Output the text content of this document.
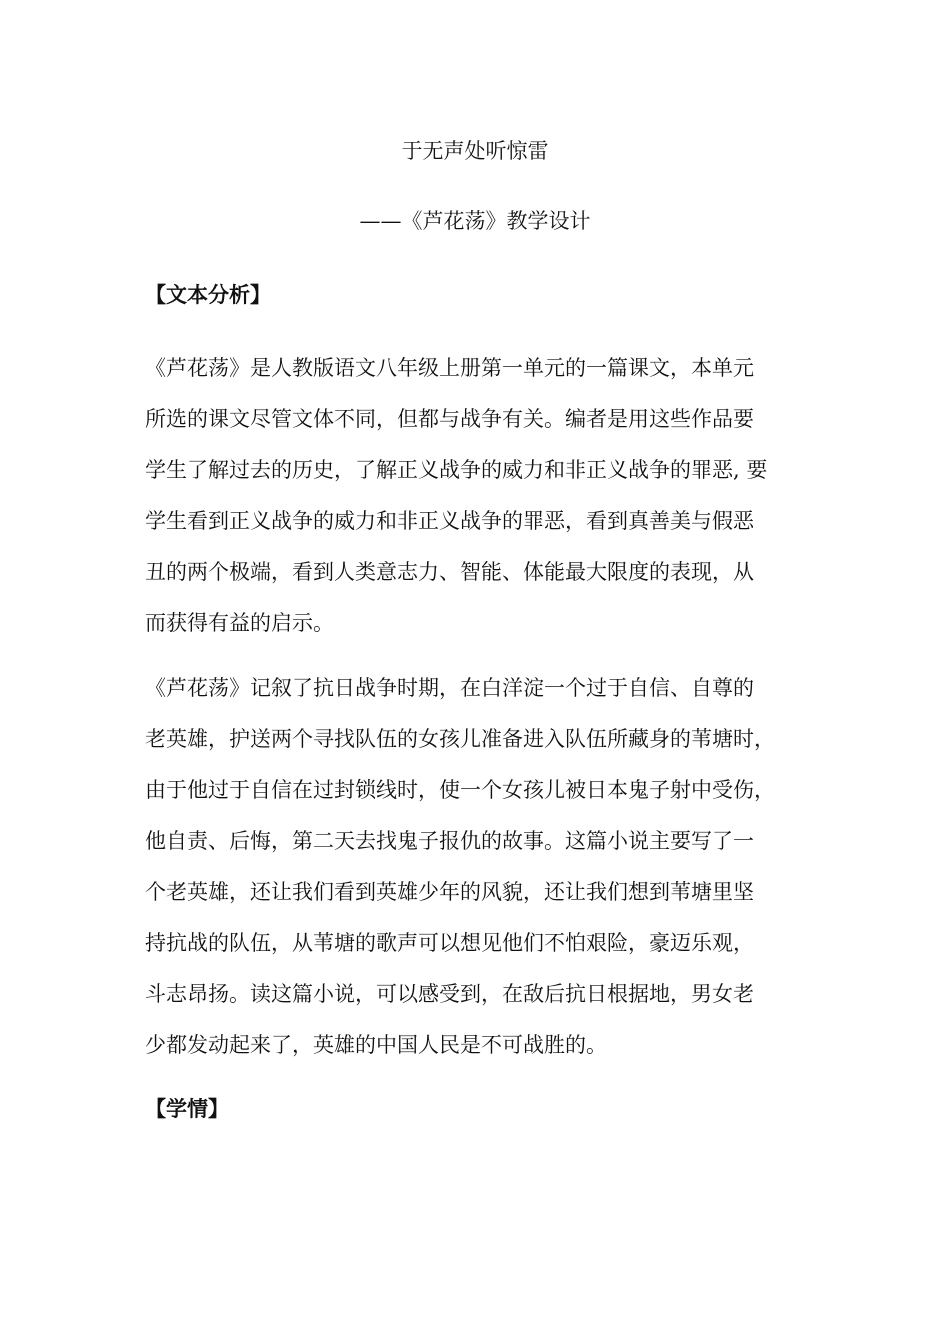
于无声处听惊雷
——《芦花荡》教学设计
【文本分析】

《芦花荡》是人教版语文八年级上册第一单元的一篇课文，本单元
所选的课文尽管文体不同，但都与战争有关。编者是用这些作品要
学生了解过去的历史，了解正义战争的威力和非正义战争的罪恶, 要
学生看到正义战争的威力和非正义战争的罪恶，看到真善美与假恶
丑的两个极端，看到人类意志力、智能、体能最大限度的表现，从
而获得有益的启示。

《芦花荡》记叙了抗日战争时期，在白洋淀一个过于自信、自尊的
老英雄，护送两个寻找队伍的女孩儿准备进入队伍所藏身的苇塘时，
由于他过于自信在过封锁线时，使一个女孩儿被日本鬼子射中受伤，
他自责、后悔，第二天去找鬼子报仇的故事。这篇小说主要写了一
个老英雄，还让我们看到英雄少年的风貌，还让我们想到苇塘里坚
持抗战的队伍，从苇塘的歌声可以想见他们不怕艰险，豪迈乐观，
斗志昂扬。读这篇小说，可以感受到，在敌后抗日根据地，男女老
少都发动起来了，英雄的中国人民是不可战胜的。

【学情】
